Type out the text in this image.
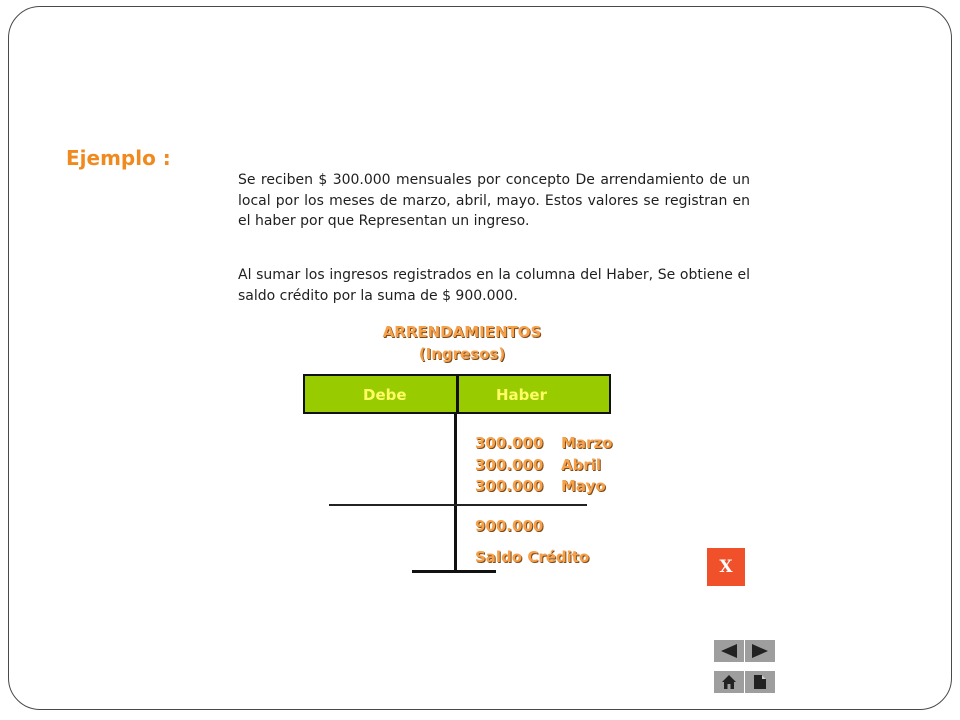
Ejemplo :
Se reciben $ 300.000 mensuales por concepto De arrendamiento de un local por los meses de marzo, abril, mayo. Estos valores se registran en el haber por que Representan un ingreso.
Al sumar los ingresos registrados en la columna del Haber, Se obtiene el saldo crédito por la suma de $ 900.000.
ARRENDAMIENTOS
(Ingresos)
Debe	Haber
300.000 Marzo
300.000 Abril
300.000 Mayo
900.000
Saldo Crédito	X
